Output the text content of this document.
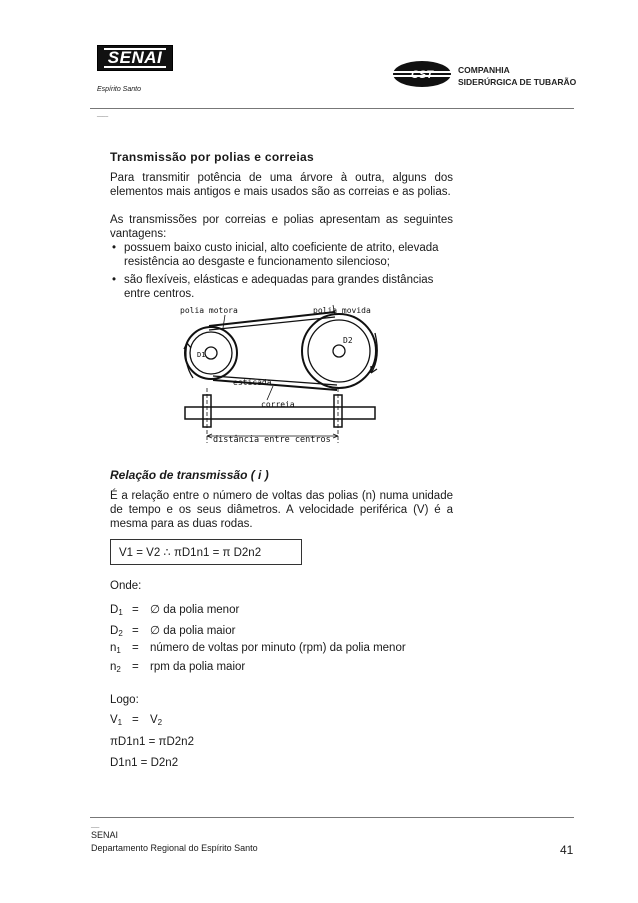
SENAI
Espírito Santo
CST	COMPANHIA
SIDERÚRGICA DE TUBARÃO
____
Transmissão por polias e correias
Para transmitir potência de uma árvore à outra, alguns dos elementos mais antigos e mais usados são as correias e as polias.
As transmissões por correias e polias apresentam as seguintes vantagens:
• possuem baixo custo inicial, alto coeficiente de atrito, elevada resistência ao desgaste e funcionamento silencioso;
• são flexíveis, elásticas e adequadas para grandes distâncias entre centros.
polia motora	polia movida
esticada
correia
distância entre centros
D1
D2
Relação de transmissão ( i )
É a relação entre o número de voltas das polias (n) numa unidade de tempo e os seus diâmetros. A velocidade periférica (V) é a mesma para as duas rodas.
V1 = V2 ∴ πD1n1 = π D2n2
Onde:
$D_1$ = ∅ da polia menor
$D_2$ = ∅ da polia maior
$n_1$ = número de voltas por minuto (rpm) da polia menor
$n_2$ = rpm da polia maior
Logo:
$V_1 = V_2$
πD1n1 = πD2n2
D1n1 = D2n2
___
SENAI
Departamento Regional do Espírito Santo	41
